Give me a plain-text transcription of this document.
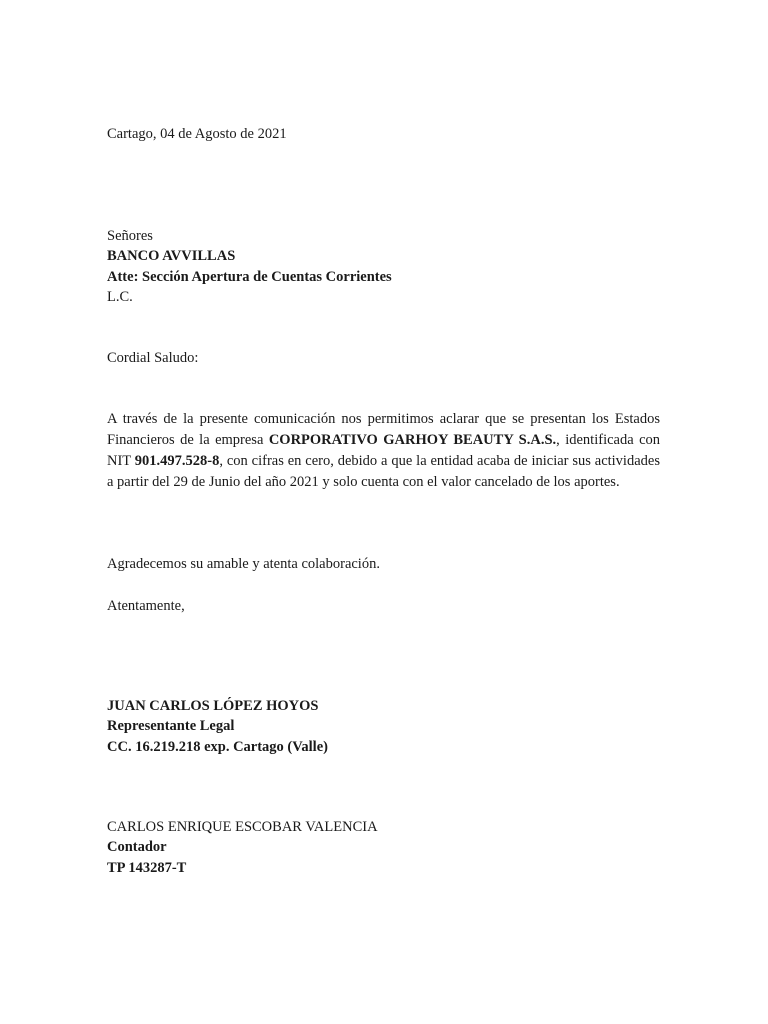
Cartago, 04 de Agosto de 2021
Señores
BANCO AVVILLAS
Atte: Sección Apertura de Cuentas Corrientes
L.C.
Cordial Saludo:
A través de la presente comunicación nos permitimos aclarar que se presentan los Estados Financieros de la empresa CORPORATIVO GARHOY BEAUTY S.A.S., identificada con NIT 901.497.528-8, con cifras en cero, debido a que la entidad acaba de iniciar sus actividades a partir del 29 de Junio del año 2021 y solo cuenta con el valor cancelado de los aportes.
Agradecemos su amable y atenta colaboración.
Atentamente,
JUAN CARLOS LÓPEZ HOYOS
Representante Legal
CC. 16.219.218 exp. Cartago (Valle)
CARLOS ENRIQUE ESCOBAR VALENCIA
Contador
TP 143287-T
